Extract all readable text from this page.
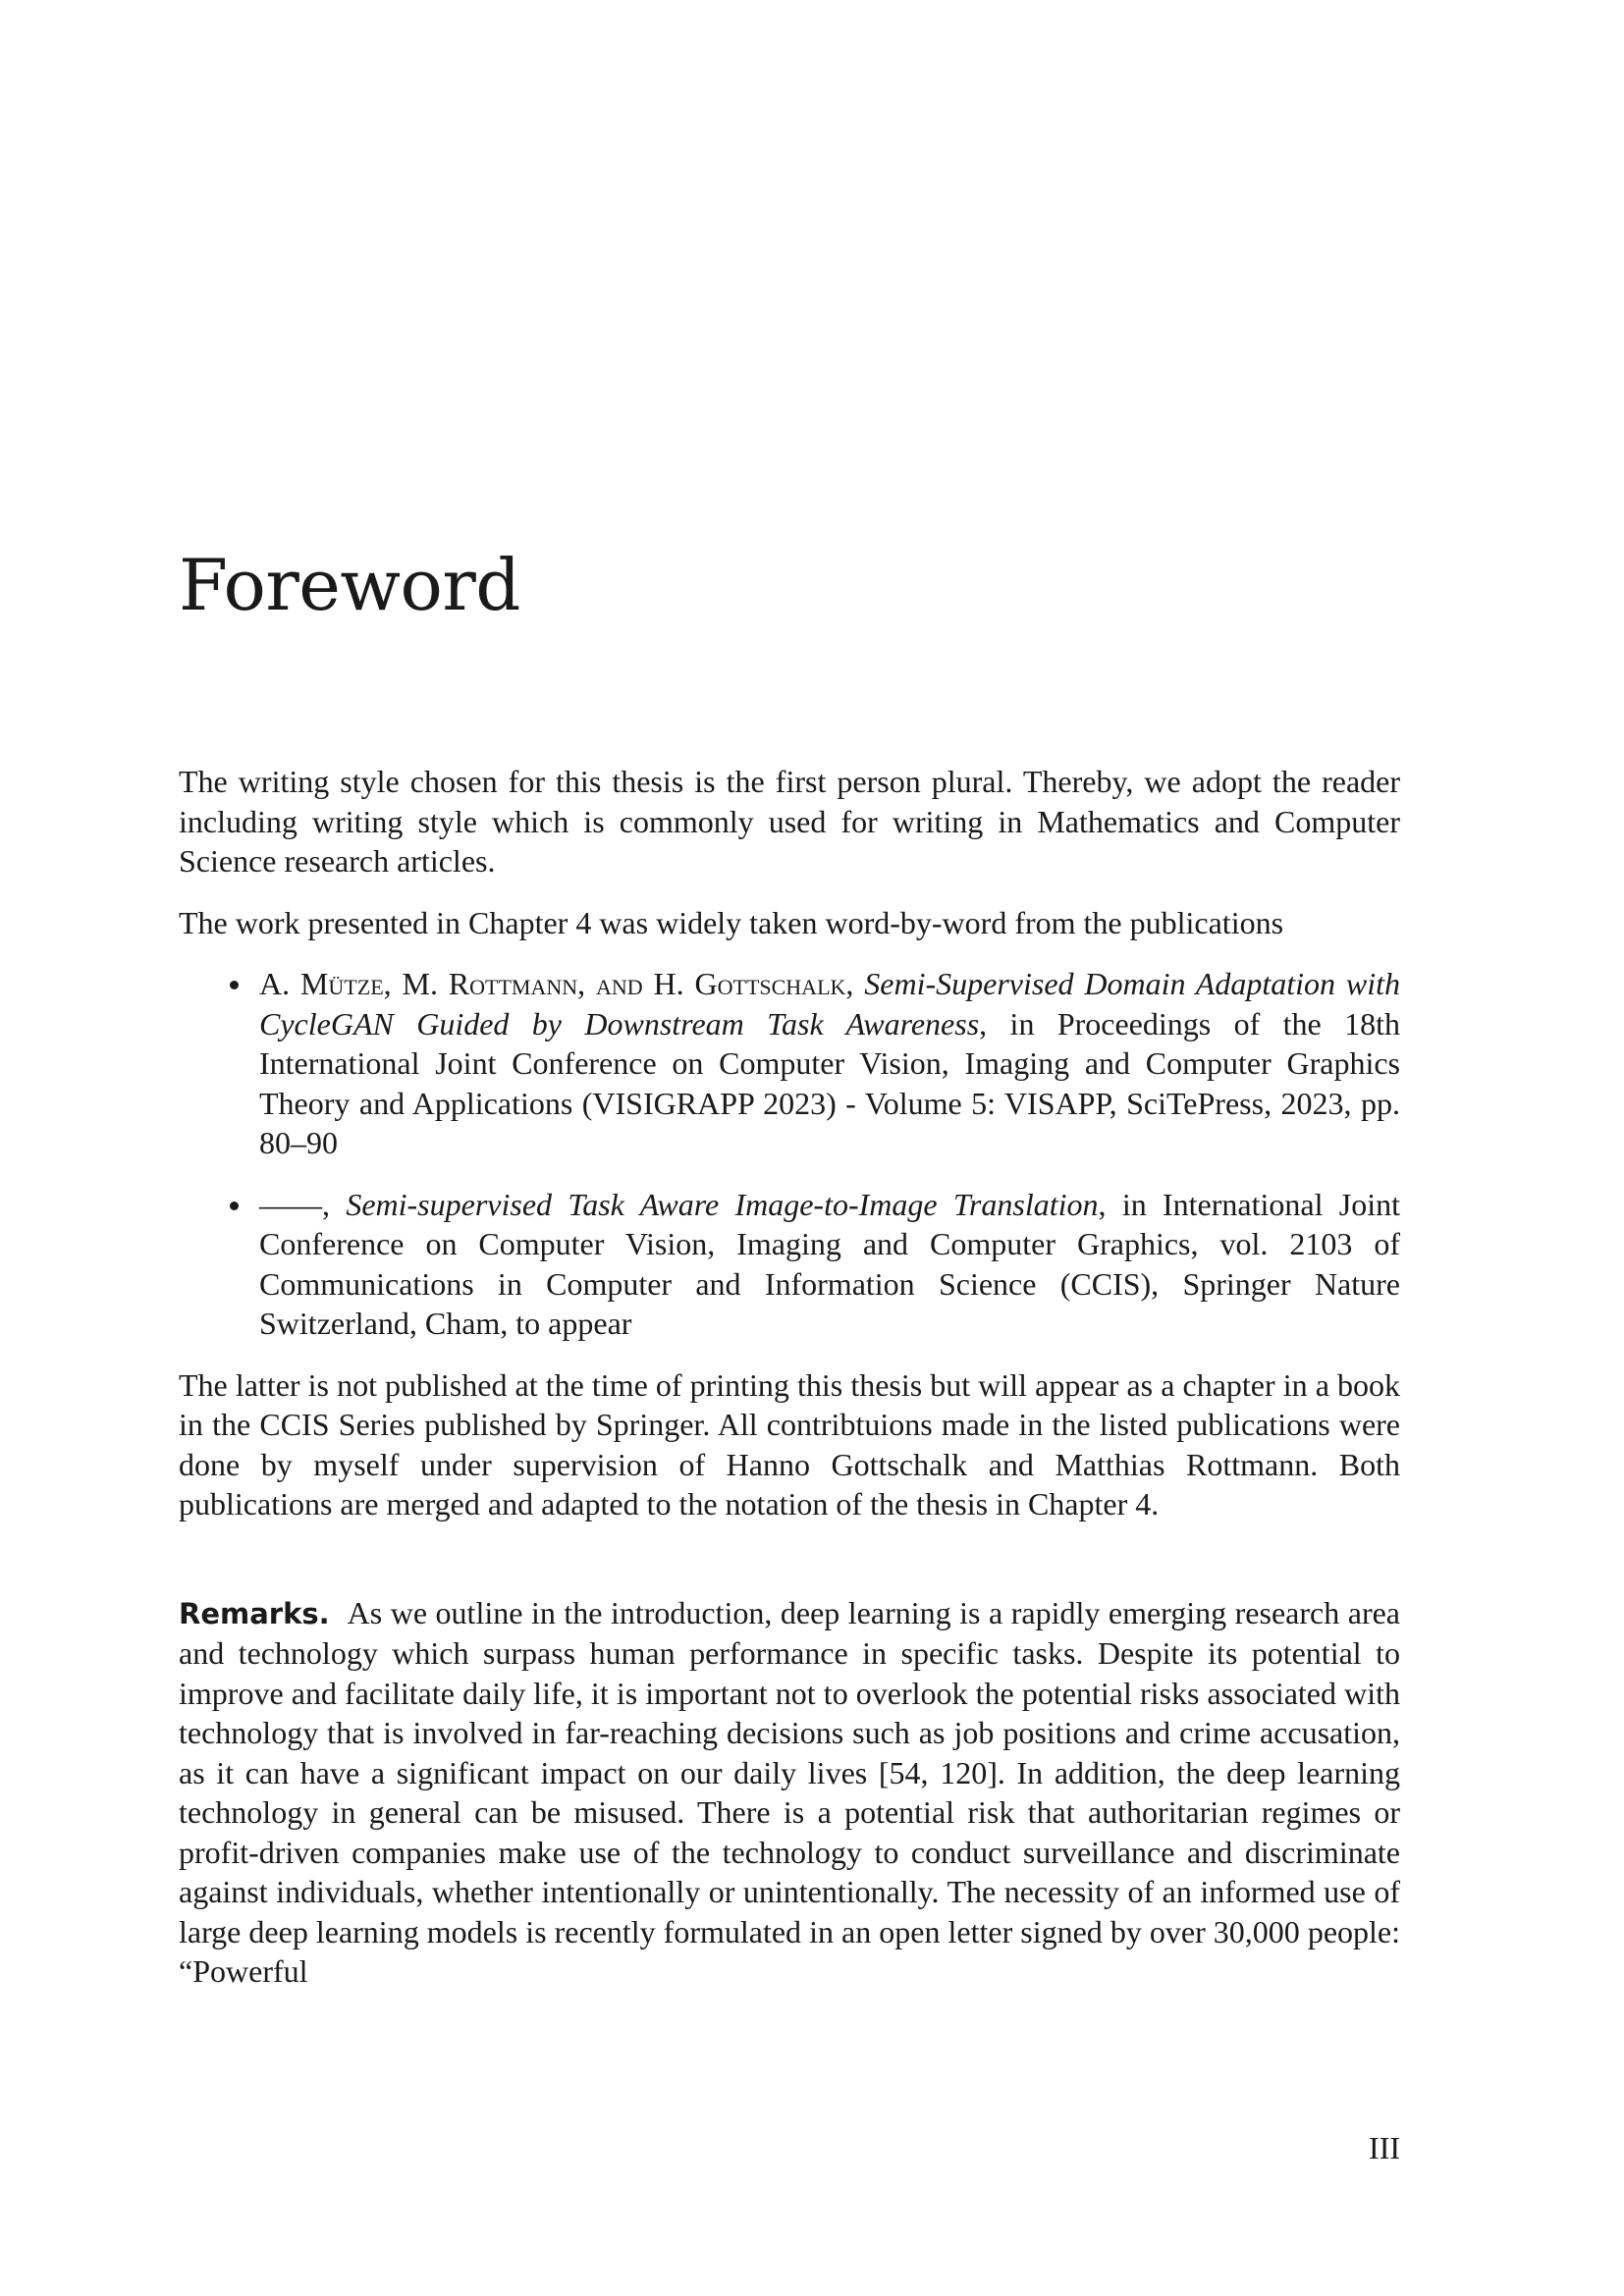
Foreword

The writing style chosen for this thesis is the first person plural. Thereby, we adopt the reader including writing style which is commonly used for writing in Mathematics and Computer Science research articles.

The work presented in Chapter 4 was widely taken word-by-word from the publications

A. Mütze, M. Rottmann, and H. Gottschalk, Semi-Supervised Domain Adaptation with CycleGAN Guided by Downstream Task Awareness, in Proceedings of the 18th International Joint Conference on Computer Vision, Imaging and Computer Graphics Theory and Applications (VISIGRAPP 2023) - Volume 5: VISAPP, SciTePress, 2023, pp. 80–90
——, Semi-supervised Task Aware Image-to-Image Translation, in International Joint Conference on Computer Vision, Imaging and Computer Graphics, vol. 2103 of Communications in Computer and Information Science (CCIS), Springer Nature Switzerland, Cham, to appear

The latter is not published at the time of printing this thesis but will appear as a chapter in a book in the CCIS Series published by Springer. All contribtuions made in the listed publications were done by myself under supervision of Hanno Gottschalk and Matthias Rottmann. Both publications are merged and adapted to the notation of the thesis in Chapter 4.

Remarks. As we outline in the introduction, deep learning is a rapidly emerging research area and technology which surpass human performance in specific tasks. Despite its potential to improve and facilitate daily life, it is important not to overlook the potential risks associated with technology that is involved in far-reaching decisions such as job positions and crime accusation, as it can have a significant impact on our daily lives [54, 120]. In addition, the deep learning technology in general can be misused. There is a potential risk that authoritarian regimes or profit-driven companies make use of the technology to conduct surveillance and discriminate against individuals, whether intentionally or unintentionally. The necessity of an informed use of large deep learning models is recently formulated in an open letter signed by over 30,000 people: “Powerful

III
